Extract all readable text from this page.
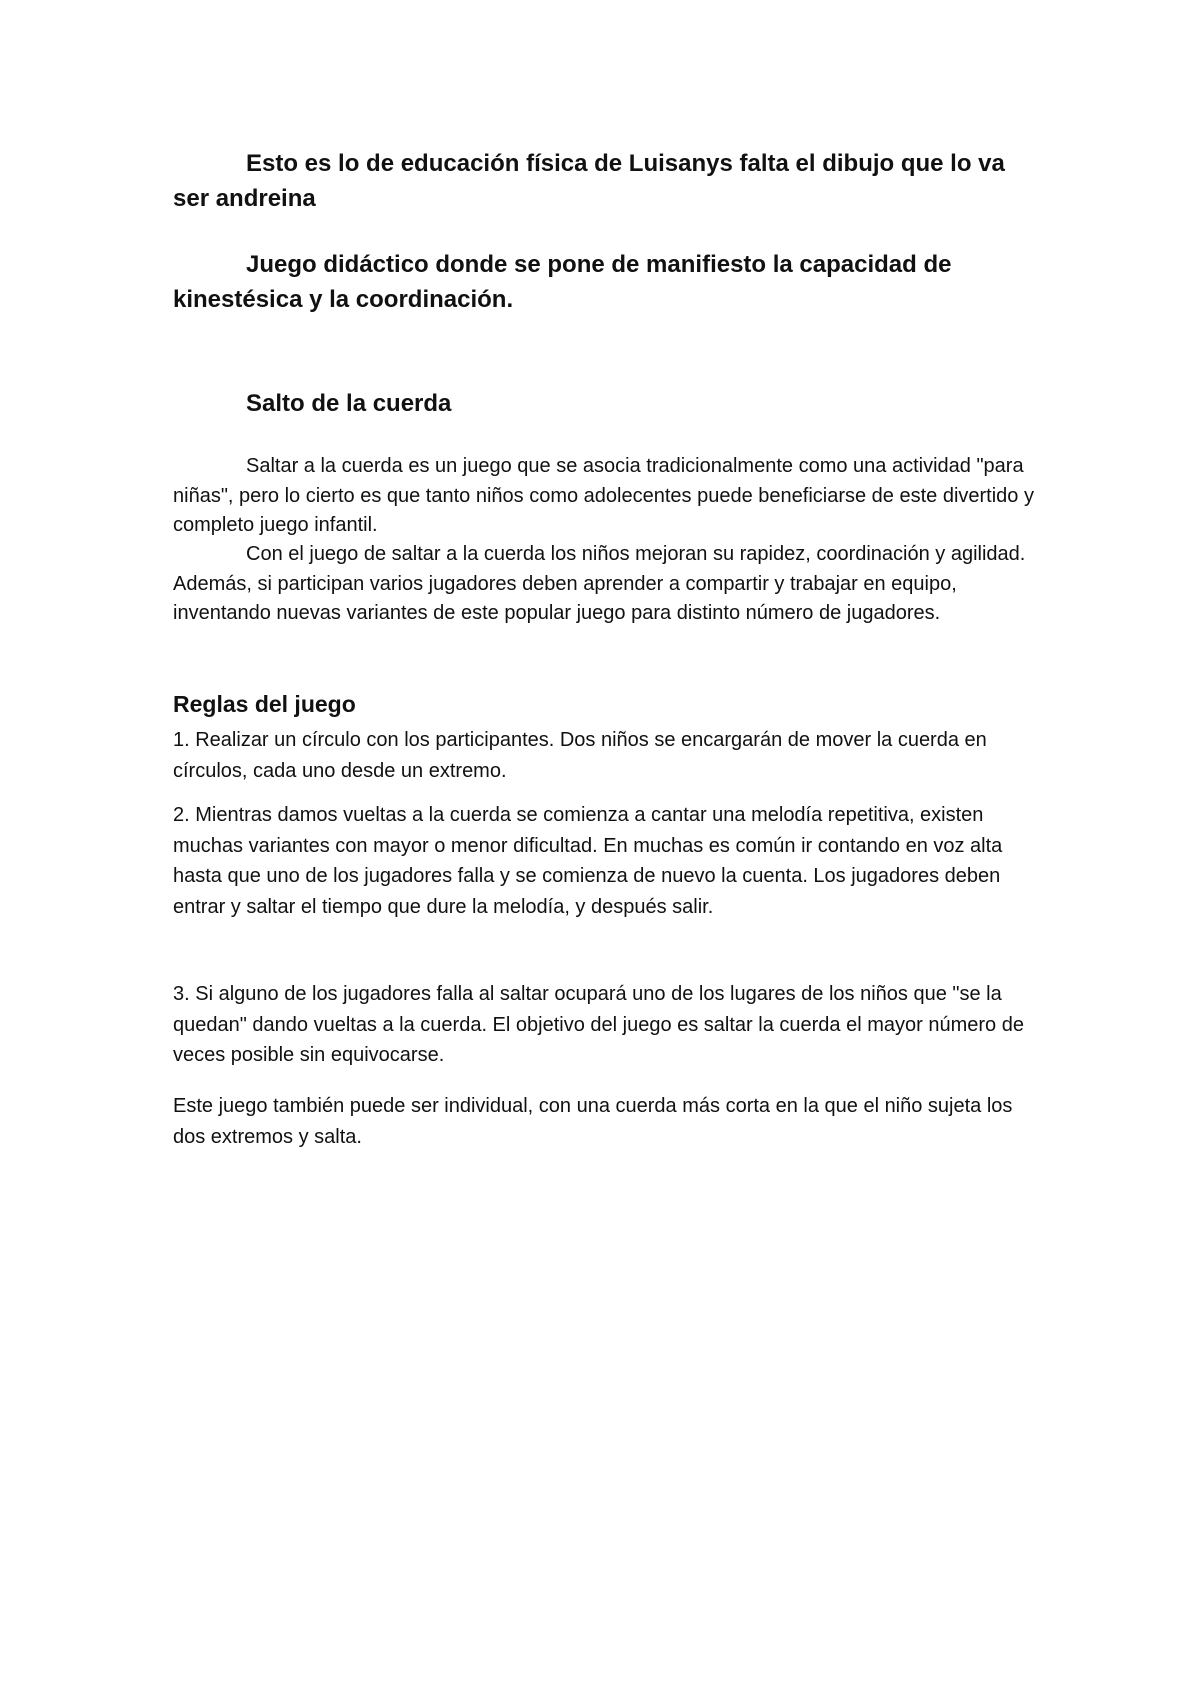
Esto es lo de educación física de Luisanys falta el dibujo que lo va ser andreina

Juego didáctico donde se pone de manifiesto la capacidad de kinestésica y la coordinación.

Salto de la cuerda

Saltar a la cuerda es un juego que se asocia tradicionalmente como una actividad "para niñas", pero lo cierto es que tanto niños como adolecentes puede beneficiarse de este divertido y completo juego infantil.

Con el juego de saltar a la cuerda los niños mejoran su rapidez, coordinación y agilidad. Además, si participan varios jugadores deben aprender a compartir y trabajar en equipo, inventando nuevas variantes de este popular juego para distinto número de jugadores.

Reglas del juego

1. Realizar un círculo con los participantes. Dos niños se encargarán de mover la cuerda en círculos, cada uno desde un extremo.

2. Mientras damos vueltas a la cuerda se comienza a cantar una melodía repetitiva, existen muchas variantes con mayor o menor dificultad. En muchas es común ir contando en voz alta hasta que uno de los jugadores falla y se comienza de nuevo la cuenta. Los jugadores deben entrar y saltar el tiempo que dure la melodía, y después salir.

3. Si alguno de los jugadores falla al saltar ocupará uno de los lugares de los niños que "se la quedan" dando vueltas a la cuerda. El objetivo del juego es saltar la cuerda el mayor número de veces posible sin equivocarse.

Este juego también puede ser individual, con una cuerda más corta en la que el niño sujeta los dos extremos y salta.
